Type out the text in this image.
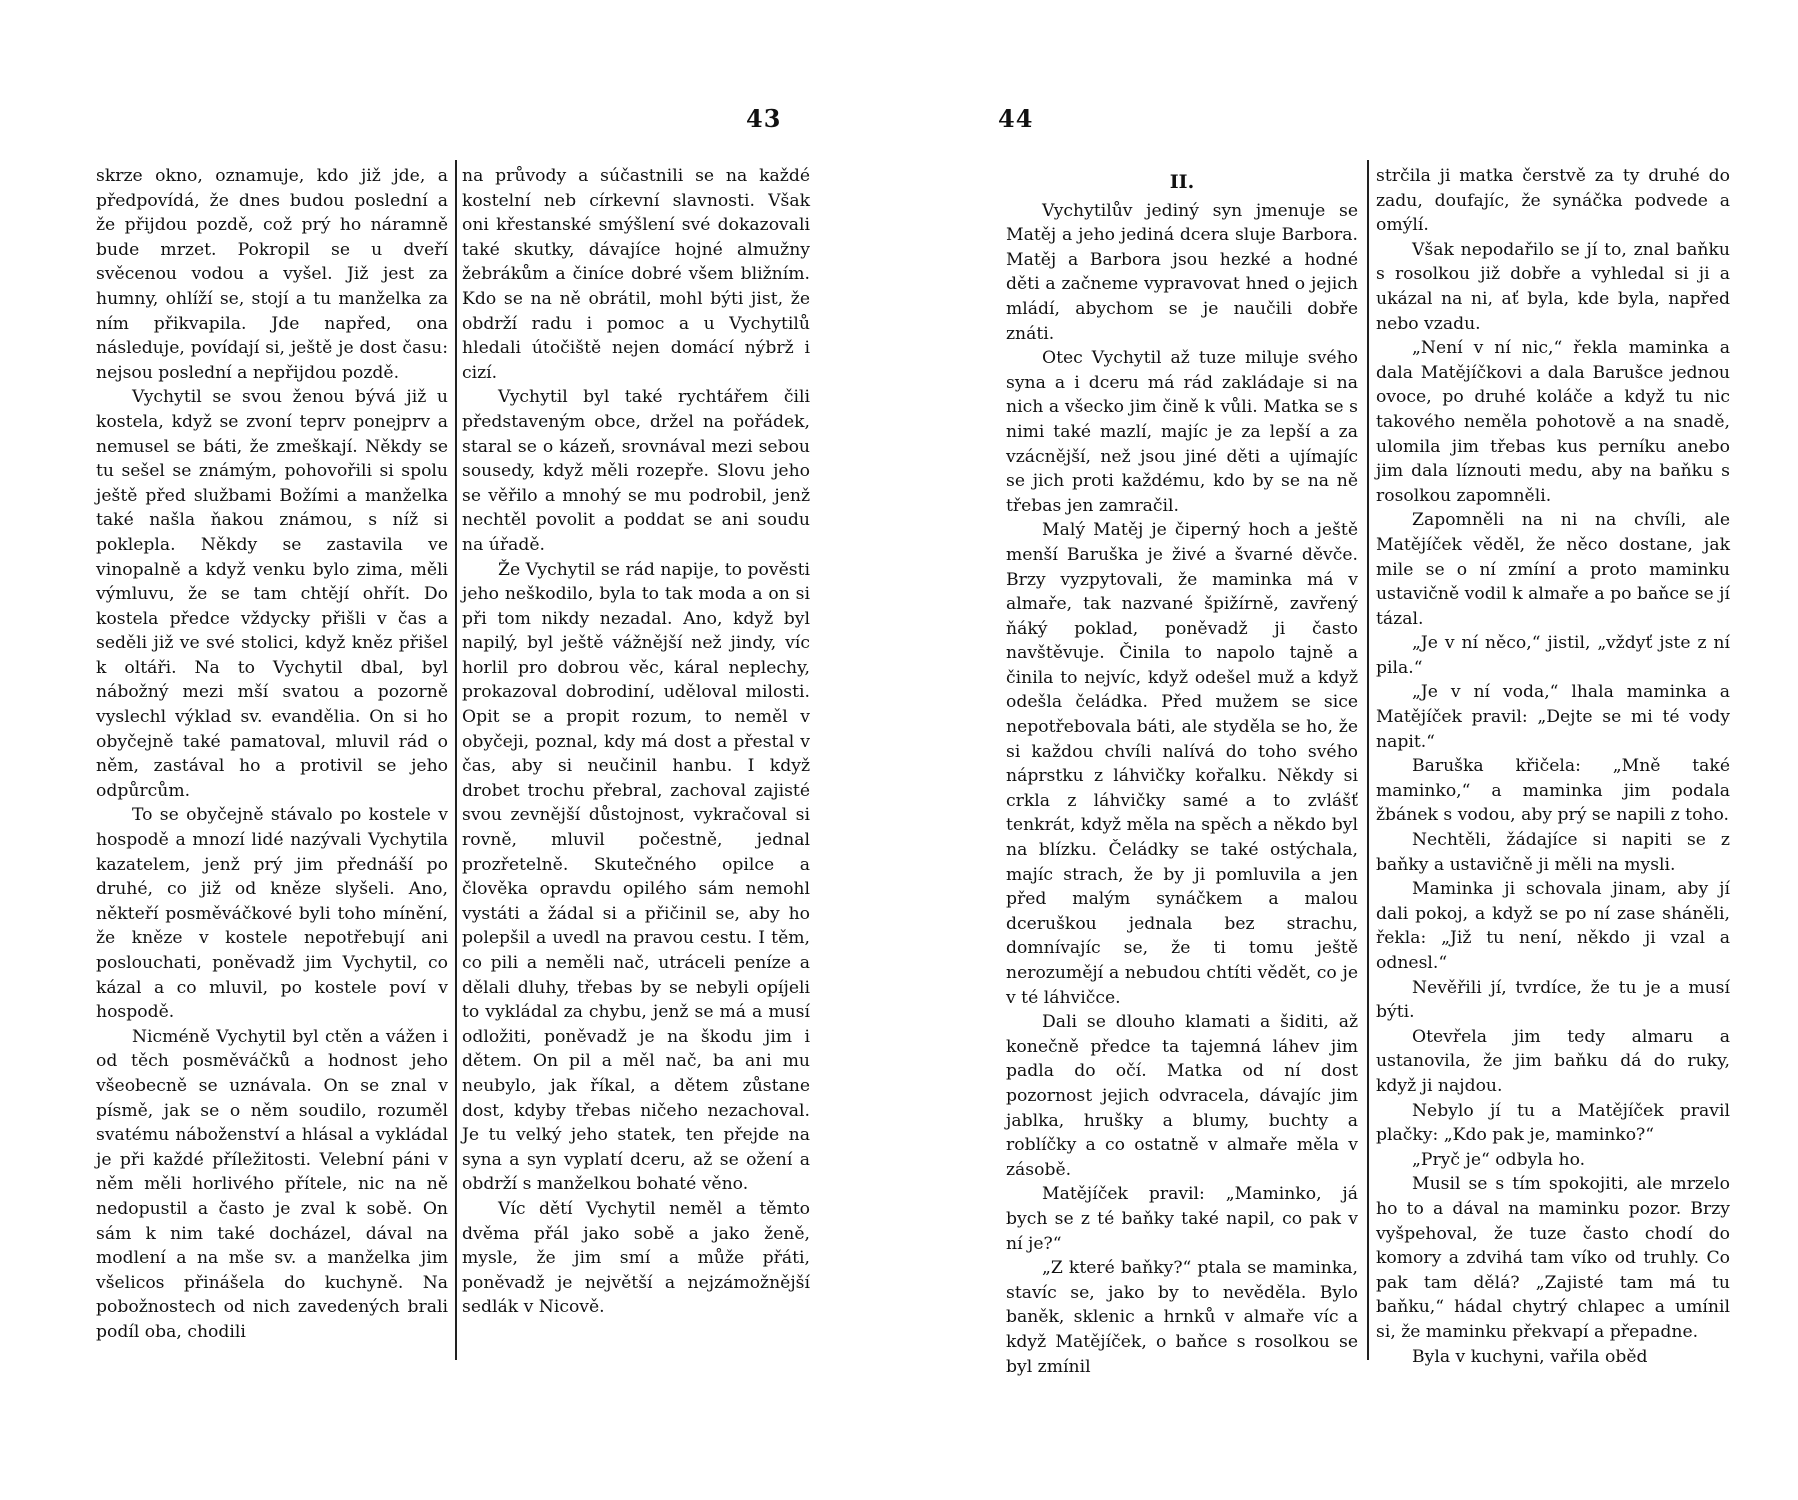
43

skrze okno, oznamuje, kdo již jde, a předpovídá, že dnes budou poslední a že přijdou pozdě, což prý ho náramně bude mrzet. Pokropil se u dveří svěcenou vodou a vyšel. Již jest za humny, ohlíží se, stojí a tu manželka za ním přikvapila. Jde napřed, ona následuje, povídají si, ještě je dost času: nejsou poslední a nepřijdou pozdě.

Vychytil se svou ženou bývá již u kostela, když se zvoní teprv ponejprv a nemusel se báti, že zmeškají. Někdy se tu sešel se známým, pohovořili si spolu ještě před službami Božími a manželka také našla ňakou známou, s níž si poklepla. Někdy se zastavila ve vinopalně a když venku bylo zima, měli výmluvu, že se tam chtějí ohřít. Do kostela předce vždycky přišli v čas a seděli již ve své stolici, když kněz přišel k oltáři. Na to Vychytil dbal, byl nábožný mezi mší svatou a pozorně vyslechl výklad sv. evandělia. On si ho obyčejně také pamatoval, mluvil rád o něm, zastával ho a protivil se jeho odpůrcům.

To se obyčejně stávalo po kostele v hospodě a mnozí lidé nazývali Vychytila kazatelem, jenž prý jim přednáší po druhé, co již od kněze slyšeli. Ano, někteří posměváčkové byli toho mínění, že kněze v kostele nepotřebují ani poslouchati, poněvadž jim Vychytil, co kázal a co mluvil, po kostele poví v hospodě.

Nicméně Vychytil byl ctěn a vážen i od těch posměváčků a hodnost jeho všeobecně se uznávala. On se znal v písmě, jak se o něm soudilo, rozuměl svatému náboženství a hlásal a vykládal je při každé příležitosti. Velební páni v něm měli horlivého přítele, nic na ně nedopustil a často je zval k sobě. On sám k nim také docházel, dával na modlení a na mše sv. a manželka jim všelicos přinášela do kuchyně. Na pobožnostech od nich zavedených brali podíl oba, chodili

na průvody a súčastnili se na každé kostelní neb církevní slavnosti. Však oni křestanské smýšlení své dokazovali také skutky, dávajíce hojné almužny žebrákům a činíce dobré všem bližním. Kdo se na ně obrátil, mohl býti jist, že obdrží radu i pomoc a u Vychytilů hledali útočiště nejen domácí nýbrž i cizí.

Vychytil byl také rychtářem čili představeným obce, držel na pořádek, staral se o kázeň, srovnával mezi sebou sousedy, když měli rozepře. Slovu jeho se věřilo a mnohý se mu podrobil, jenž nechtěl povolit a poddat se ani soudu na úřadě.

Že Vychytil se rád napije, to pověsti jeho neškodilo, byla to tak moda a on si při tom nikdy nezadal. Ano, když byl napilý, byl ještě vážnější než jindy, víc horlil pro dobrou věc, káral neplechy, prokazoval dobrodiní, uděloval milosti. Opit se a propit rozum, to neměl v obyčeji, poznal, kdy má dost a přestal v čas, aby si neučinil hanbu. I když drobet trochu přebral, zachoval zajisté svou zevnější důstojnost, vykračoval si rovně, mluvil počestně, jednal prozřetelně. Skutečného opilce a člověka opravdu opilého sám nemohl vystáti a žádal si a přičinil se, aby ho polepšil a uvedl na pravou cestu. I těm, co pili a neměli nač, utráceli peníze a dělali dluhy, třebas by se nebyli opíjeli to vykládal za chybu, jenž se má a musí odložiti, poněvadž je na škodu jim i dětem. On pil a měl nač, ba ani mu neubylo, jak říkal, a dětem zůstane dost, kdyby třebas ničeho nezachoval. Je tu velký jeho statek, ten přejde na syna a syn vyplatí dceru, až se ožení a obdrží s manželkou bohaté věno.

Víc dětí Vychytil neměl a těmto dvěma přál jako sobě a jako ženě, mysle, že jim smí a může přáti, poněvadž je největší a nejzámožnější sedlák v Nicově.

44
II.

Vychytilův jediný syn jmenuje se Matěj a jeho jediná dcera sluje Barbora. Matěj a Barbora jsou hezké a hodné děti a začneme vypravovat hned o jejich mládí, abychom se je naučili dobře znáti.

Otec Vychytil až tuze miluje svého syna a i dceru má rád zakládaje si na nich a všecko jim čině k vůli. Matka se s nimi také mazlí, majíc je za lepší a za vzácnější, než jsou jiné děti a ujímajíc se jich proti každému, kdo by se na ně třebas jen zamračil.

Malý Matěj je čiperný hoch a ještě menší Baruška je živé a švarné děvče. Brzy vyzpytovali, že maminka má v almaře, tak nazvané špižírně, zavřený ňáký poklad, poněvadž ji často navštěvuje. Činila to napolo tajně a činila to nejvíc, když odešel muž a když odešla čeládka. Před mužem se sice nepotřebovala báti, ale styděla se ho, že si každou chvíli nalívá do toho svého náprstku z láhvičky kořalku. Někdy si crkla z láhvičky samé a to zvlášť tenkrát, když měla na spěch a někdo byl na blízku. Čeládky se také ostýchala, majíc strach, že by ji pomluvila a jen před malým synáčkem a malou dceruškou jednala bez strachu, domnívajíc se, že ti tomu ještě nerozumějí a nebudou chtíti vědět, co je v té láhvičce.

Dali se dlouho klamati a šiditi, až konečně předce ta tajemná láhev jim padla do očí. Matka od ní dost pozornost jejich odvracela, dávajíc jim jablka, hrušky a blumy, buchty a roblíčky a co ostatně v almaře měla v zásobě.

Matějíček pravil: „Maminko, já bych se z té baňky také napil, co pak v ní je?“

„Z které baňky?“ ptala se maminka, stavíc se, jako by to nevěděla. Bylo baněk, sklenic a hrnků v almaře víc a když Matějíček, o baňce s rosolkou se byl zmínil

strčila ji matka čerstvě za ty druhé do zadu, doufajíc, že synáčka podvede a omýlí.

Však nepodařilo se jí to, znal baňku s rosolkou již dobře a vyhledal si ji a ukázal na ni, ať byla, kde byla, napřed nebo vzadu.

„Není v ní nic,“ řekla maminka a dala Matějíčkovi a dala Barušce jednou ovoce, po druhé koláče a když tu nic takového neměla pohotově a na snadě, ulomila jim třebas kus perníku anebo jim dala líznouti medu, aby na baňku s rosolkou zapomněli.

Zapomněli na ni na chvíli, ale Matějíček věděl, že něco dostane, jak mile se o ní zmíní a proto maminku ustavičně vodil k almaře a po baňce se jí tázal.

„Je v ní něco,“ jistil, „vždyť jste z ní pila.“

„Je v ní voda,“ lhala maminka a Matějíček pravil: „Dejte se mi té vody napit.“

Baruška křičela: „Mně také maminko,“ a maminka jim podala žbánek s vodou, aby prý se napili z toho.

Nechtěli, žádajíce si napiti se z baňky a ustavičně ji měli na mysli.

Maminka ji schovala jinam, aby jí dali pokoj, a když se po ní zase sháněli, řekla: „Již tu není, někdo ji vzal a odnesl.“

Nevěřili jí, tvrdíce, že tu je a musí býti.

Otevřela jim tedy almaru a ustanovila, že jim baňku dá do ruky, když ji najdou.

Nebylo jí tu a Matějíček pravil plačky: „Kdo pak je, maminko?“

„Pryč je“ odbyla ho.

Musil se s tím spokojiti, ale mrzelo ho to a dával na maminku pozor. Brzy vyšpehoval, že tuze často chodí do komory a zdvihá tam víko od truhly. Co pak tam dělá? „Zajisté tam má tu baňku,“ hádal chytrý chlapec a umínil si, že maminku překvapí a přepadne.

Byla v kuchyni, vařila oběd
